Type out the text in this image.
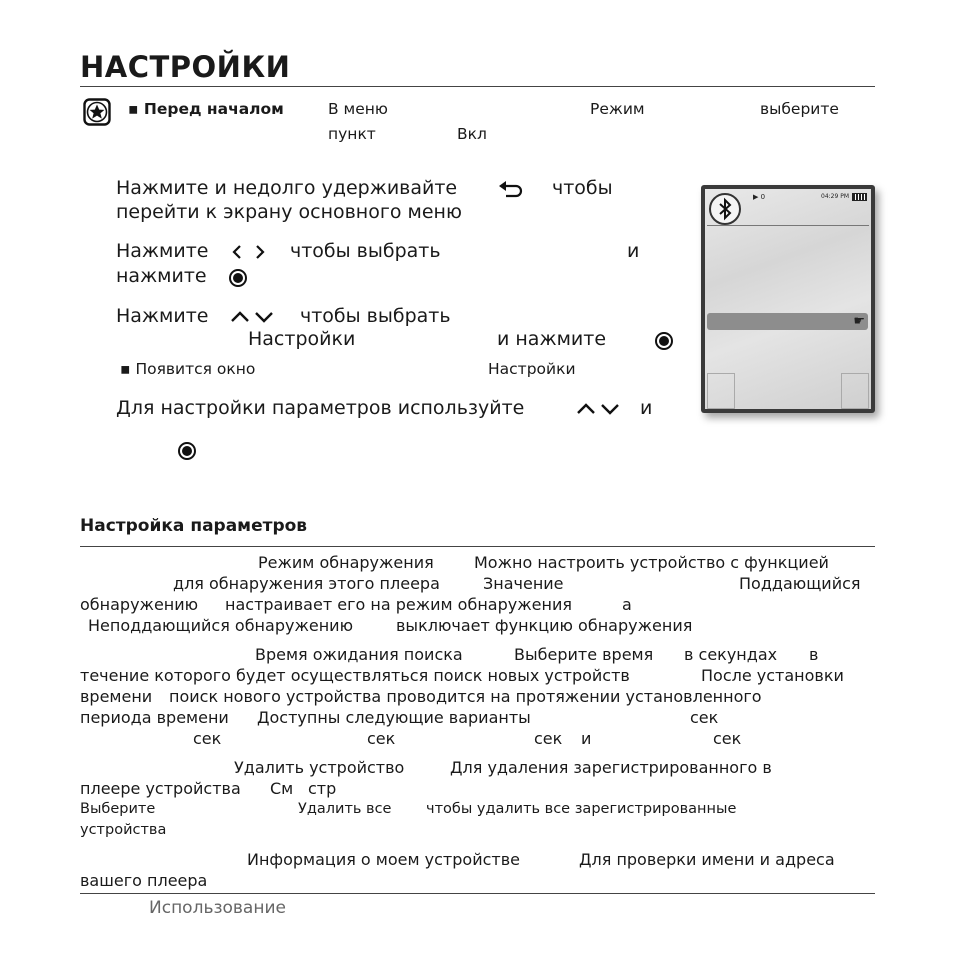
НАСТРОЙКИ
▪ Перед началом	В меню	Режим	выберите
пункт	Вкл
Нажмите и недолго удерживайте	чтобы
перейти к экрану основного меню
Нажмите	чтобы выбрать	и
нажмите

Нажмите	чтобы выбрать
Настройки	и нажмите

▪ Появится окно	Настройки
Для настройки параметров используйте	и
▶ 0	04:29 PM
☛
Настройка параметров
Режим обнаружения	Можно настроить устройство с функцией
для обнаружения этого плеера	Значение	Поддающийся
обнаружению настраивает его на режим обнаружения	а
Неподдающийся обнаружению	выключает функцию обнаружения
Время ожидания поиска	Выберите время в секундах в
течение которого будет осуществляться поиск новых устройств	После установки
времени поиск нового устройства проводится на протяжении установленного
периода времени Доступны следующие варианты	сек
сек	сек	сек и	сек
Удалить устройство	Для удаления зарегистрированного в
плеере устройства См стр
Выберите	Удалить все чтобы удалить все зарегистрированные
устройства
Информация о моем устройстве	Для проверки имени и адреса
вашего плеера
Использование
